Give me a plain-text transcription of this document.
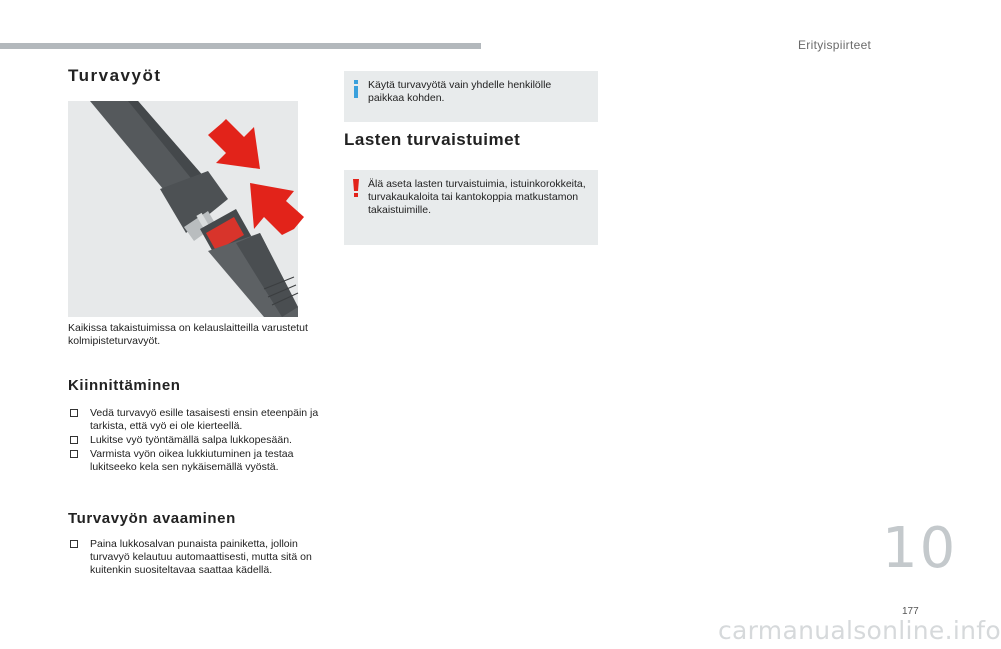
Erityispiirteet
Turvavyöt
Kaikissa takaistuimissa on kelauslaitteilla varustetut kolmipisteturvavyöt.
Kiinnittäminen
Vedä turvavyö esille tasaisesti ensin eteenpäin ja tarkista, että vyö ei ole kierteellä.
Lukitse vyö työntämällä salpa lukkopesään.
Varmista vyön oikea lukkiutuminen ja testaa lukitseeko kela sen nykäisemällä vyöstä.
Turvavyön avaaminen
Paina lukkosalvan punaista painiketta, jolloin turvavyö kelautuu automaattisesti, mutta sitä on kuitenkin suositeltavaa saattaa kädellä.
Käytä turvavyötä vain yhdelle henkilölle paikkaa kohden.
Lasten turvaistuimet
Älä aseta lasten turvaistuimia, istuinkorokkeita, turvakaukaloita tai kantokoppia matkustamon takaistuimille.
10
177
carmanualsonline.info
